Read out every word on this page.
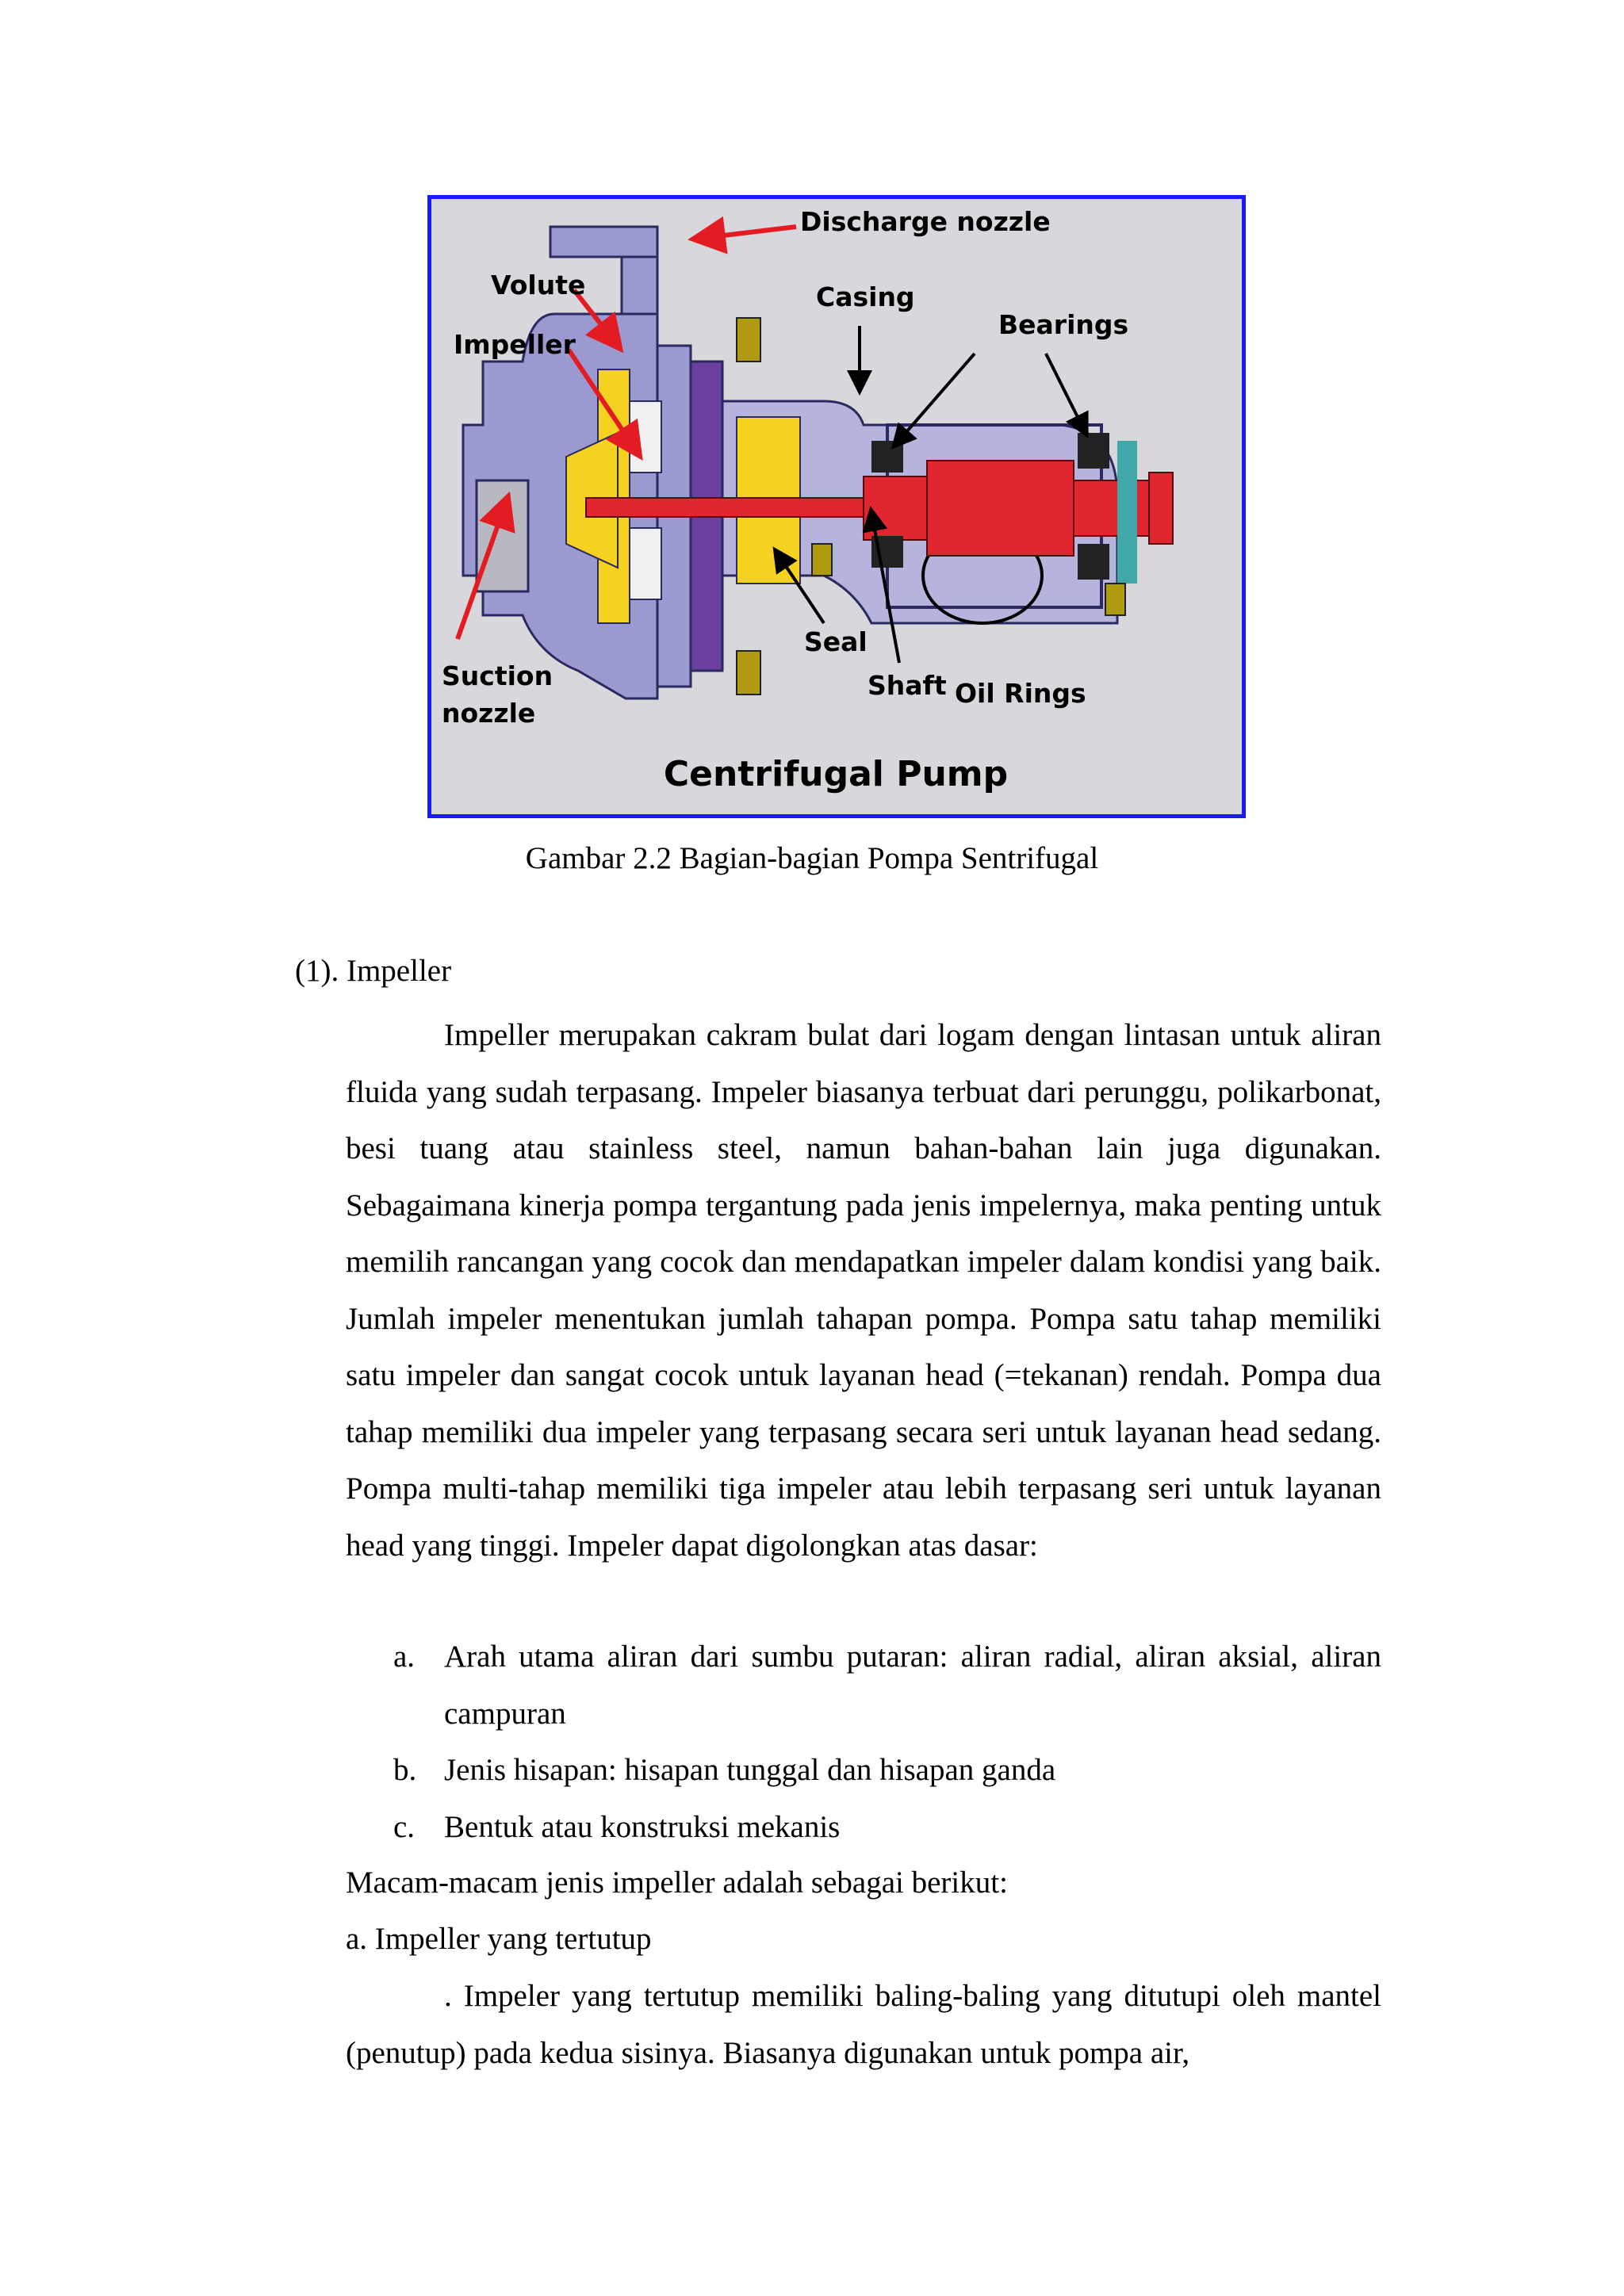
Discharge nozzle
Volute
Impeller
Casing
Bearings
Seal
Shaft Oil Rings
Suction
nozzle
Centrifugal Pump
Gambar 2.2 Bagian-bagian Pompa Sentrifugal
(1). Impeller
Impeller merupakan cakram bulat dari logam dengan lintasan untuk aliran fluida yang sudah terpasang. Impeler biasanya terbuat dari perunggu, polikarbonat, besi tuang atau stainless steel, namun bahan-bahan lain juga digunakan. Sebagaimana kinerja pompa tergantung pada jenis impelernya, maka penting untuk memilih rancangan yang cocok dan mendapatkan impeler dalam kondisi yang baik. Jumlah impeler menentukan jumlah tahapan pompa. Pompa satu tahap memiliki satu impeler dan sangat cocok untuk layanan head (=tekanan) rendah. Pompa dua tahap memiliki dua impeler yang terpasang secara seri untuk layanan head sedang. Pompa multi-tahap memiliki tiga impeler atau lebih terpasang seri untuk layanan head yang tinggi. Impeler dapat digolongkan atas dasar:
a. Arah utama aliran dari sumbu putaran: aliran radial, aliran aksial, aliran campuran
b. Jenis hisapan: hisapan tunggal dan hisapan ganda
c. Bentuk atau konstruksi mekanis
Macam-macam jenis impeller adalah sebagai berikut:
a. Impeller yang tertutup
. Impeler yang tertutup memiliki baling-baling yang ditutupi oleh mantel (penutup) pada kedua sisinya. Biasanya digunakan untuk pompa air,
